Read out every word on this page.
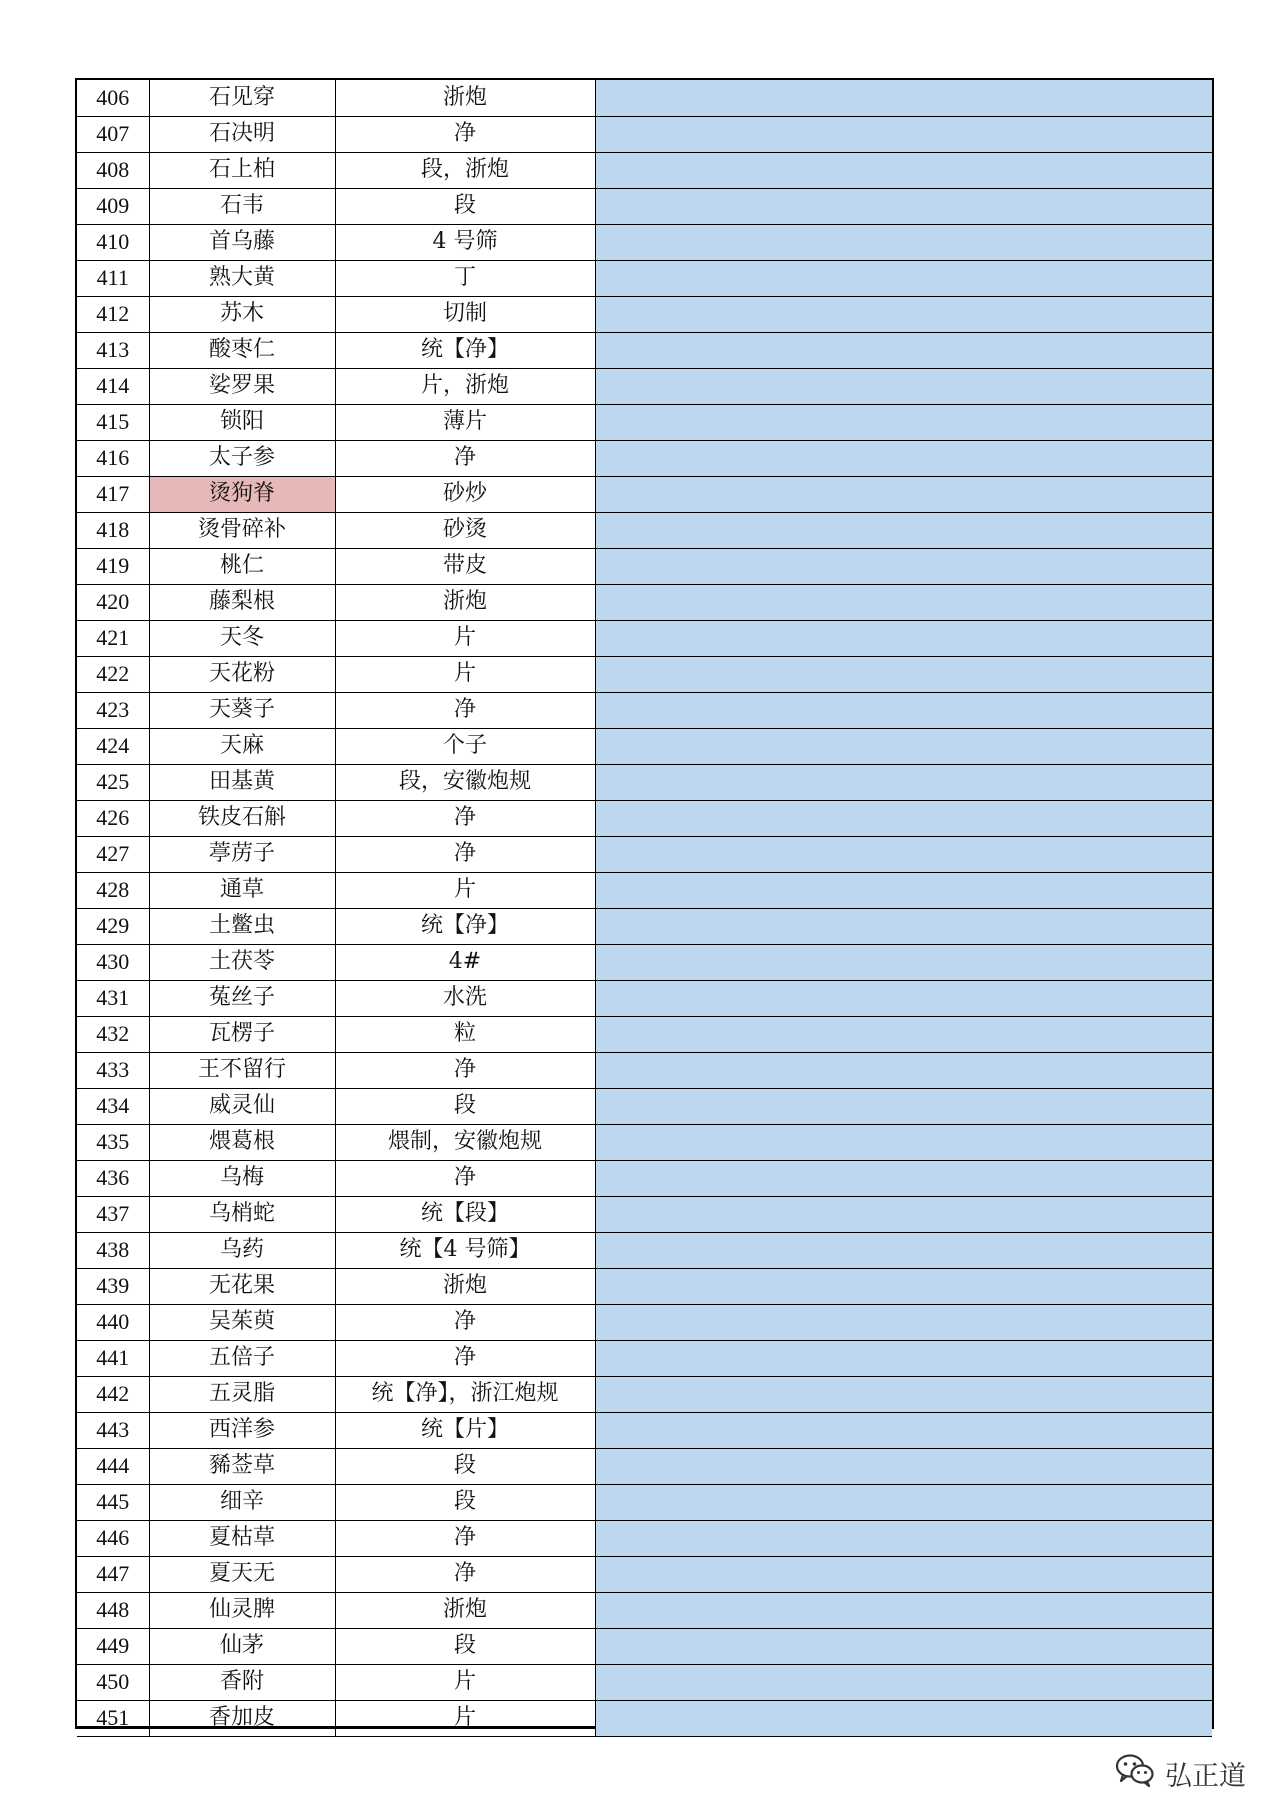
406	石见穿	浙炮	
407	石决明	净	
408	石上柏	段，浙炮	
409	石韦	段	
410	首乌藤	4 号筛	
411	熟大黄	丁	
412	苏木	切制	
413	酸枣仁	统【净】	
414	娑罗果	片，浙炮	
415	锁阳	薄片	
416	太子参	净	
417	烫狗脊	砂炒	
418	烫骨碎补	砂烫	
419	桃仁	带皮	
420	藤梨根	浙炮	
421	天冬	片	
422	天花粉	片	
423	天葵子	净	
424	天麻	个子	
425	田基黄	段，安徽炮规	
426	铁皮石斛	净	
427	葶苈子	净	
428	通草	片	
429	土鳖虫	统【净】	
430	土茯苓	4#	
431	菟丝子	水洗	
432	瓦楞子	粒	
433	王不留行	净	
434	威灵仙	段	
435	煨葛根	煨制，安徽炮规	
436	乌梅	净	
437	乌梢蛇	统【段】	
438	乌药	统【4 号筛】	
439	无花果	浙炮	
440	吴茱萸	净	
441	五倍子	净	
442	五灵脂	统【净】，浙江炮规	
443	西洋参	统【片】	
444	豨莶草	段	
445	细辛	段	
446	夏枯草	净	
447	夏天无	净	
448	仙灵脾	浙炮	
449	仙茅	段	
450	香附	片	
451	香加皮	片	
弘正道
